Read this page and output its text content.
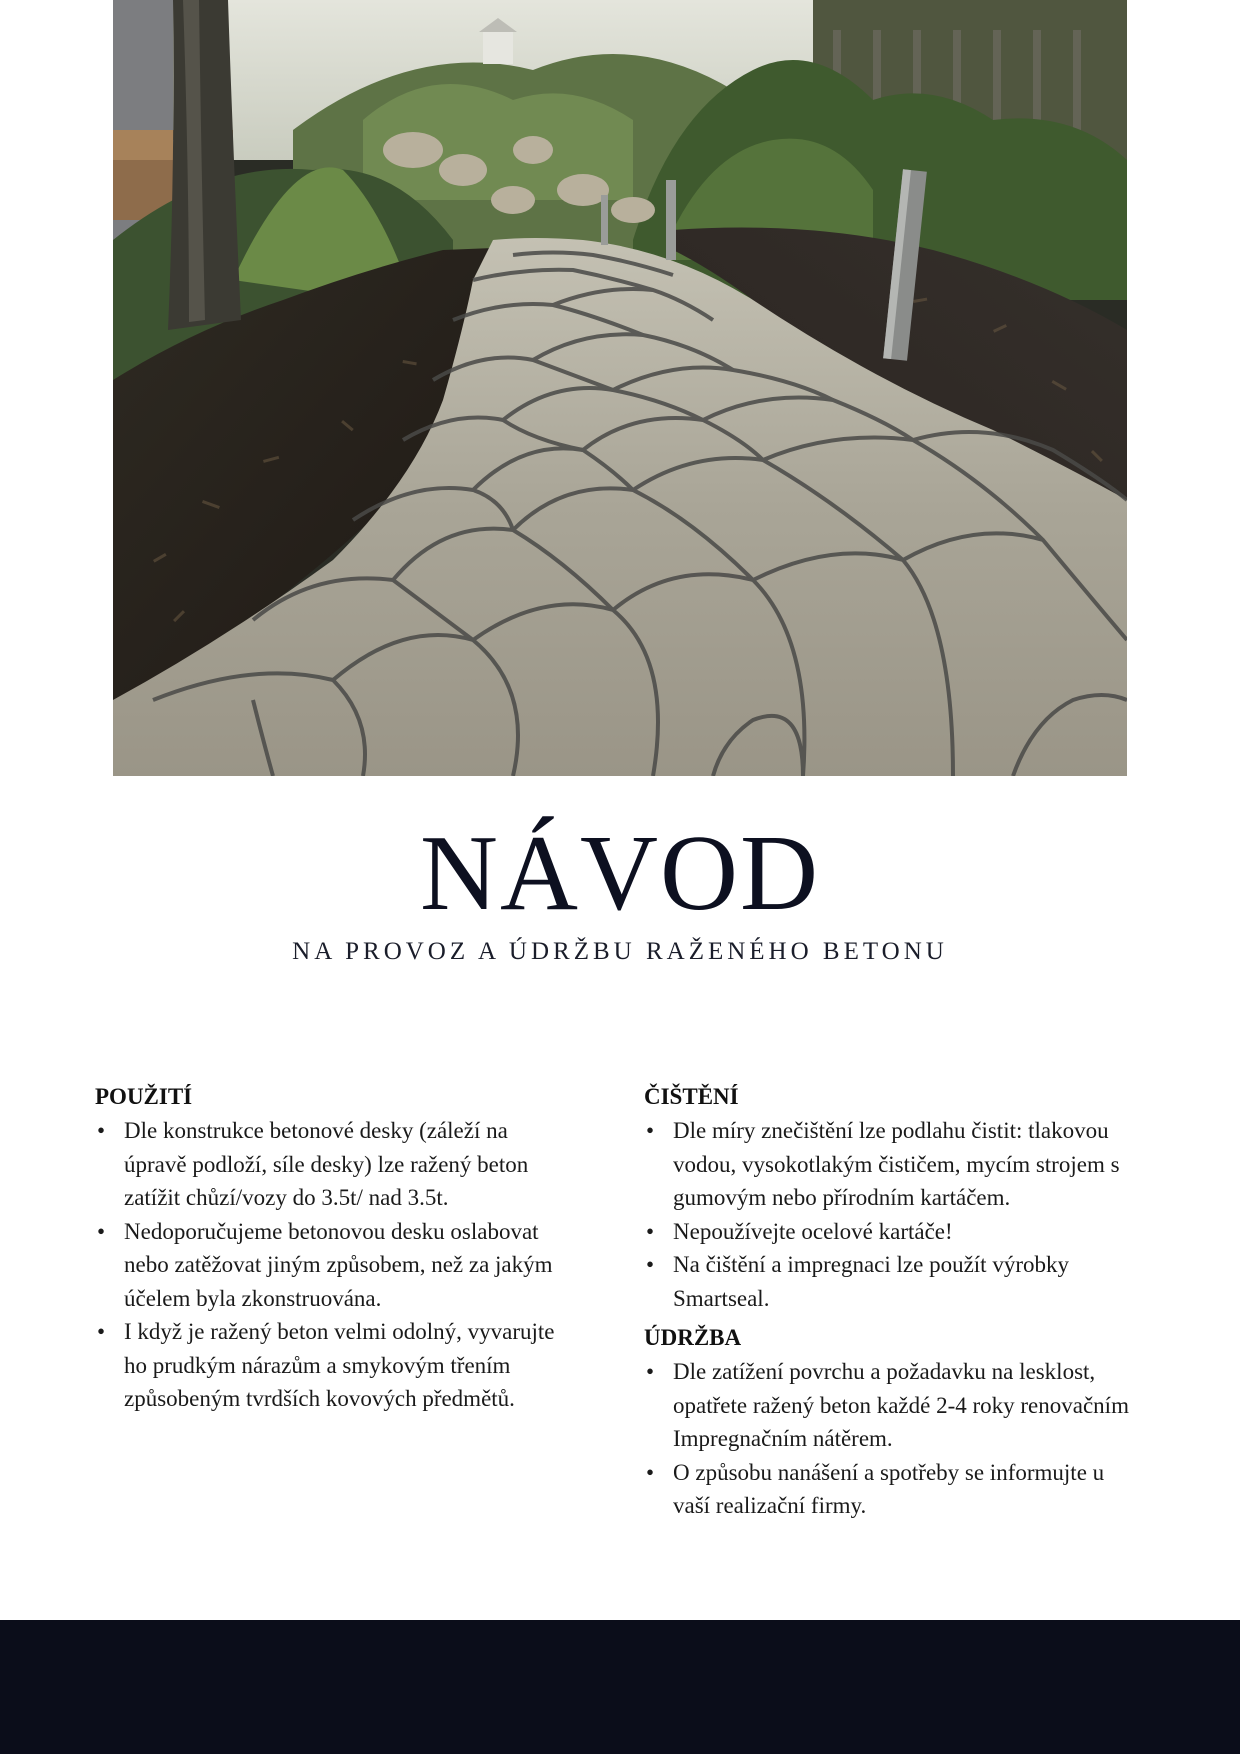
NÁVOD
NA PROVOZ A ÚDRŽBU RAŽENÉHO BETONU
POUŽITÍ
• Dle konstrukce betonové desky (záleží na úpravě podloží, síle desky) lze ražený beton zatížit chůzí/vozy do 3.5t/ nad 3.5t.
• Nedoporučujeme betonovou desku oslabovat nebo zatěžovat jiným způsobem, než za jakým účelem byla zkonstruována.
• I když je ražený beton velmi odolný, vyvarujte ho prudkým nárazům a smykovým třením způsobeným tvrdších kovových předmětů.
ČIŠTĚNÍ
• Dle míry znečištění lze podlahu čistit: tlakovou vodou, vysokotlakým čističem, mycím strojem s gumovým nebo přírodním kartáčem.
• Nepoužívejte ocelové kartáče!
• Na čištění a impregnaci lze použít výrobky Smartseal.
ÚDRŽBA
• Dle zatížení povrchu a požadavku na lesklost, opatřete ražený beton každé 2-4 roky renovačním Impregnačním nátěrem.
• O způsobu nanášení a spotřeby se informujte u vaší realizační firmy.
